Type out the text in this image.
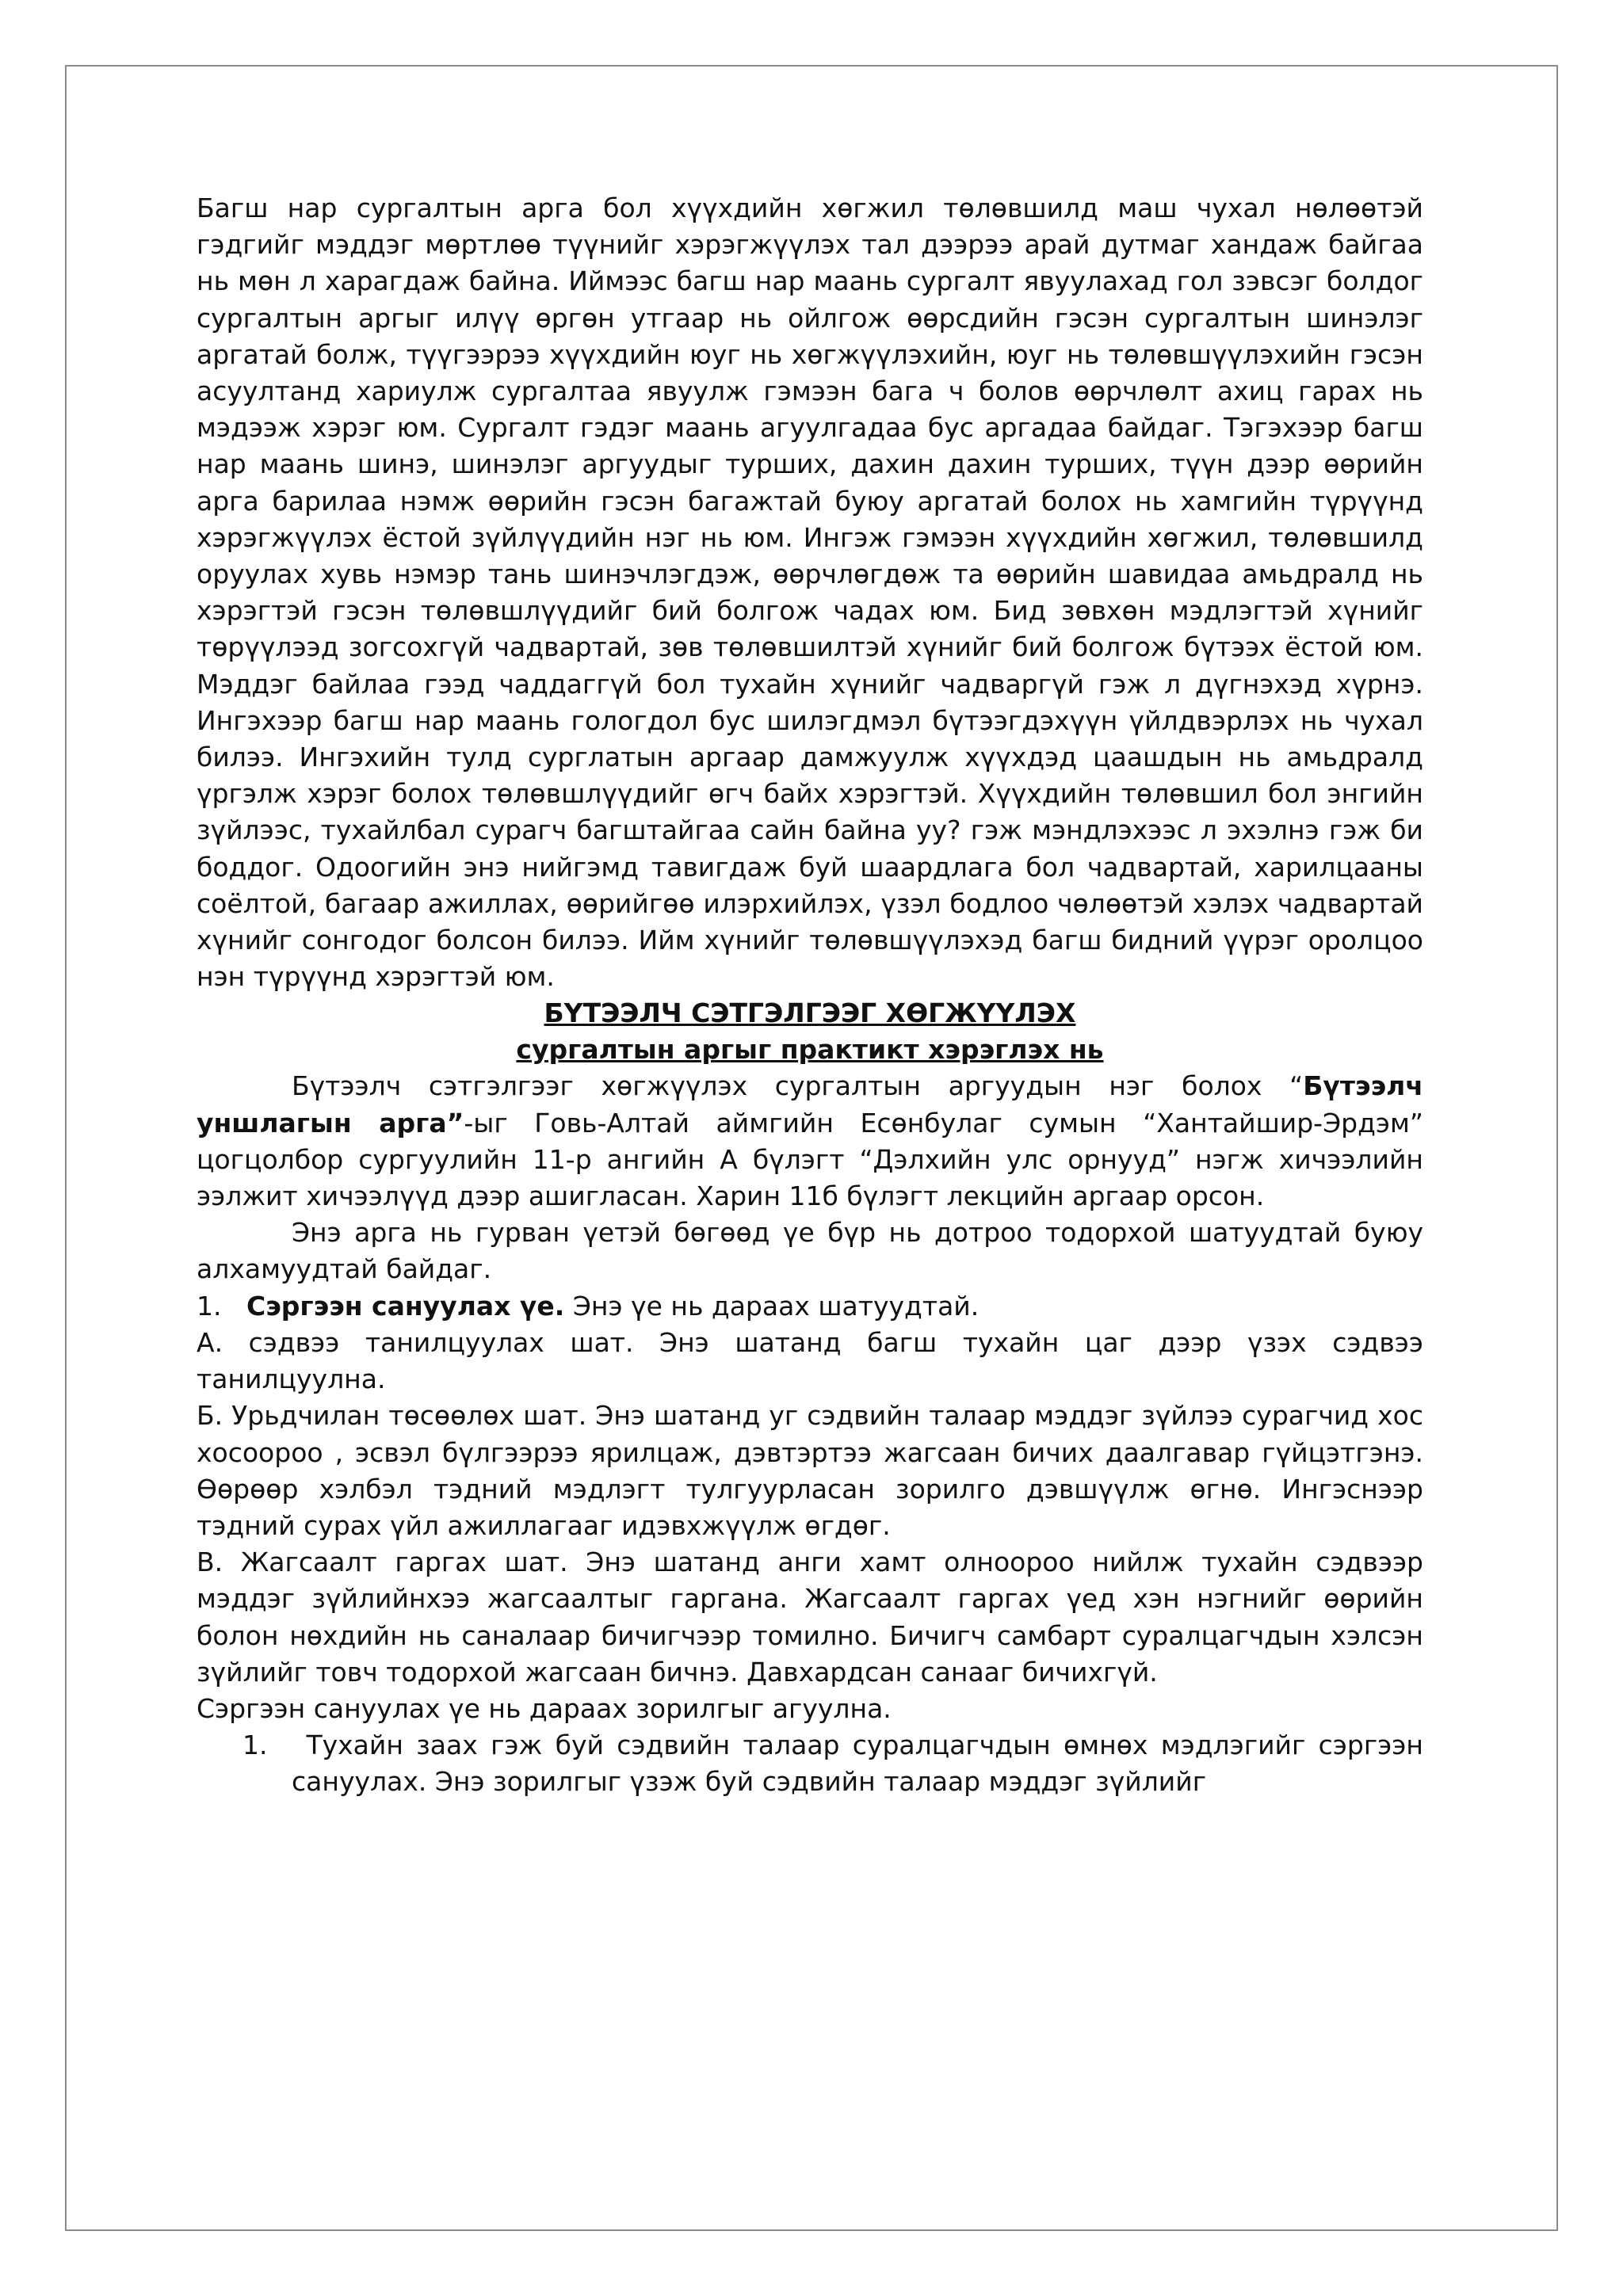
Багш нар сургалтын арга бол хүүхдийн хөгжил төлөвшилд маш чухал нөлөөтэй гэдгийг мэддэг мөртлөө түүнийг хэрэгжүүлэх тал дээрээ арай дутмаг хандаж байгаа нь мөн л харагдаж байна. Иймээс багш нар маань сургалт явуулахад гол зэвсэг болдог сургалтын аргыг илүү өргөн утгаар нь ойлгож өөрсдийн гэсэн сургалтын шинэлэг аргатай болж, түүгээрээ хүүхдийн юуг нь хөгжүүлэхийн, юуг нь төлөвшүүлэхийн гэсэн асуултанд хариулж сургалтаа явуулж гэмээн бага ч болов өөрчлөлт ахиц гарах нь мэдээж хэрэг юм. Сургалт гэдэг маань агуулгадаа бус аргадаа байдаг. Тэгэхээр багш нар маань шинэ, шинэлэг аргуудыг турших, дахин дахин турших, түүн дээр өөрийн арга барилаа нэмж өөрийн гэсэн багажтай буюу аргатай болох нь хамгийн түрүүнд хэрэгжүүлэх ёстой зүйлүүдийн нэг нь юм. Ингэж гэмээн хүүхдийн хөгжил, төлөвшилд оруулах хувь нэмэр тань шинэчлэгдэж, өөрчлөгдөж та өөрийн шавидаа амьдралд нь хэрэгтэй гэсэн төлөвшлүүдийг бий болгож чадах юм. Бид зөвхөн мэдлэгтэй хүнийг төрүүлээд зогсохгүй чадвартай, зөв төлөвшилтэй хүнийг бий болгож бүтээх ёстой юм. Мэддэг байлаа гээд чаддаггүй бол тухайн хүнийг чадваргүй гэж л дүгнэхэд хүрнэ. Ингэхээр багш нар маань гологдол бус шилэгдмэл бүтээгдэхүүн үйлдвэрлэх нь чухал билээ. Ингэхийн тулд сурглатын аргаар дамжуулж хүүхдэд цаашдын нь амьдралд үргэлж хэрэг болох төлөвшлүүдийг өгч байх хэрэгтэй. Хүүхдийн төлөвшил бол энгийн зүйлээс, тухайлбал сурагч багштайгаа сайн байна уу? гэж мэндлэхээс л эхэлнэ гэж би боддог. Одоогийн энэ нийгэмд тавигдаж буй шаардлага бол чадвартай, харилцааны соёлтой, багаар ажиллах, өөрийгөө илэрхийлэх, үзэл бодлоо чөлөөтэй хэлэх чадвартай хүнийг сонгодог болсон билээ. Ийм хүнийг төлөвшүүлэхэд багш бидний үүрэг оролцоо нэн түрүүнд хэрэгтэй юм.

БҮТЭЭЛЧ СЭТГЭЛГЭЭГ ХӨГЖҮҮЛЭХ

сургалтын аргыг практикт хэрэглэх нь

Бүтээлч сэтгэлгээг хөгжүүлэх сургалтын аргуудын нэг болох “Бүтээлч уншлагын арга”-ыг Говь-Алтай аймгийн Есөнбулаг сумын “Хантайшир-Эрдэм” цогцолбор сургуулийн 11-р ангийн А бүлэгт “Дэлхийн улс орнууд” нэгж хичээлийн ээлжит хичээлүүд дээр ашигласан. Харин 11б бүлэгт лекцийн аргаар орсон.

Энэ арга нь гурван үетэй бөгөөд үе бүр нь дотроо тодорхой шатуудтай буюу алхамуудтай байдаг.

1. Сэргээн сануулах үе. Энэ үе нь дараах шатуудтай.

А. сэдвээ танилцуулах шат. Энэ шатанд багш тухайн цаг дээр үзэх сэдвээ танилцуулна.

Б. Урьдчилан төсөөлөх шат. Энэ шатанд уг сэдвийн талаар мэддэг зүйлээ сурагчид хос хосоороо , эсвэл бүлгээрээ ярилцаж, дэвтэртээ жагсаан бичих даалгавар гүйцэтгэнэ. Өөрөөр хэлбэл тэдний мэдлэгт тулгуурласан зорилго дэвшүүлж өгнө. Ингэснээр тэдний сурах үйл ажиллагааг идэвхжүүлж өгдөг.

В. Жагсаалт гаргах шат. Энэ шатанд анги хамт олноороо нийлж тухайн сэдвээр мэддэг зүйлийнхээ жагсаалтыг гаргана. Жагсаалт гаргах үед хэн нэгнийг өөрийн болон нөхдийн нь саналаар бичигчээр томилно. Бичигч самбарт суралцагчдын хэлсэн зүйлийг товч тодорхой жагсаан бичнэ. Давхардсан санааг бичихгүй.

Сэргээн сануулах үе нь дараах зорилгыг агуулна.

1. Тухайн заах гэж буй сэдвийн талаар суралцагчдын өмнөх мэдлэгийг сэргээн сануулах. Энэ зорилгыг үзэж буй сэдвийн талаар мэддэг зүйлийг
